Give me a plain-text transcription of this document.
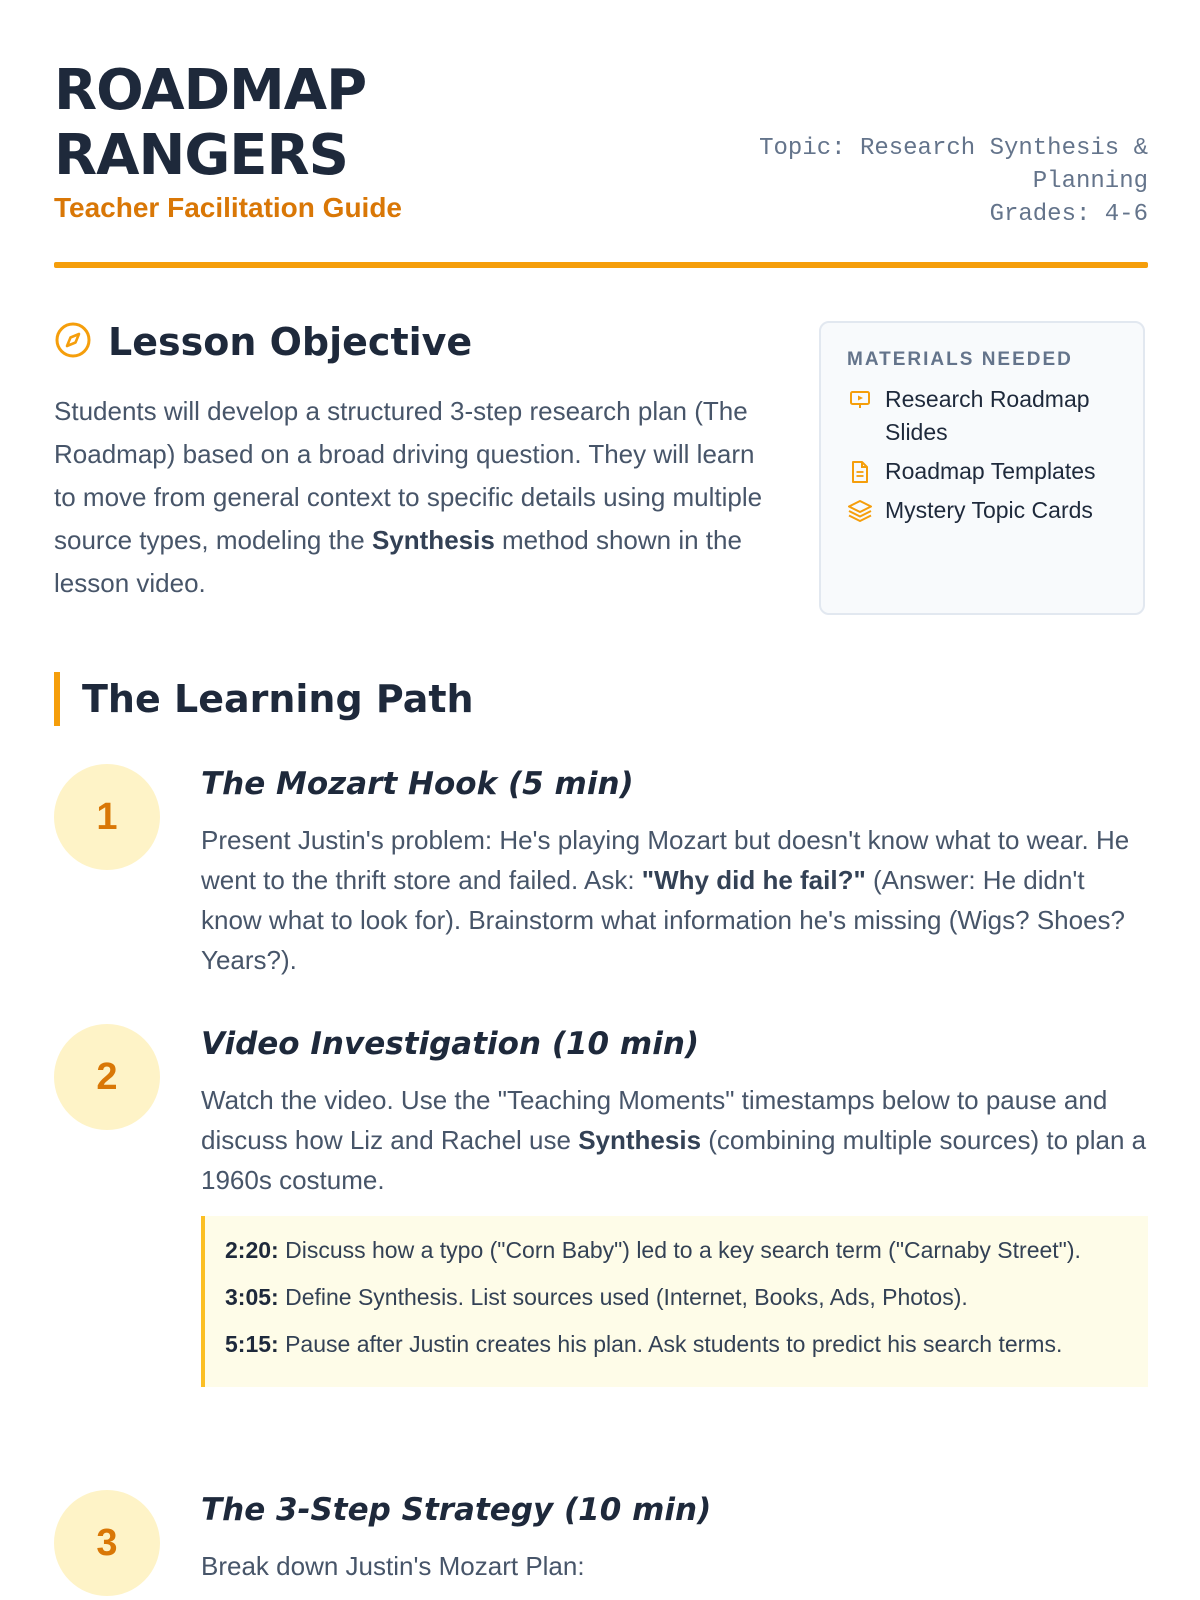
ROADMAP
RANGERS
Teacher Facilitation Guide
Topic: Research Synthesis &
Planning
Grades: 4-6
Lesson Objective
Students will develop a structured 3-step research plan (The Roadmap) based on a broad driving question. They will learn to move from general context to specific details using multiple source types, modeling the Synthesis method shown in the lesson video.
MATERIALS NEEDED
Research Roadmap Slides
Roadmap Templates
Mystery Topic Cards
The Learning Path
1
The Mozart Hook (5 min)
Present Justin's problem: He's playing Mozart but doesn't know what to wear. He went to the thrift store and failed. Ask: "Why did he fail?" (Answer: He didn't know what to look for). Brainstorm what information he's missing (Wigs? Shoes? Years?).
2
Video Investigation (10 min)
Watch the video. Use the "Teaching Moments" timestamps below to pause and discuss how Liz and Rachel use Synthesis (combining multiple sources) to plan a 1960s costume.
2:20: Discuss how a typo ("Corn Baby") led to a key search term ("Carnaby Street").
3:05: Define Synthesis. List sources used (Internet, Books, Ads, Photos).
5:15: Pause after Justin creates his plan. Ask students to predict his search terms.
3
The 3-Step Strategy (10 min)
Break down Justin's Mozart Plan:
